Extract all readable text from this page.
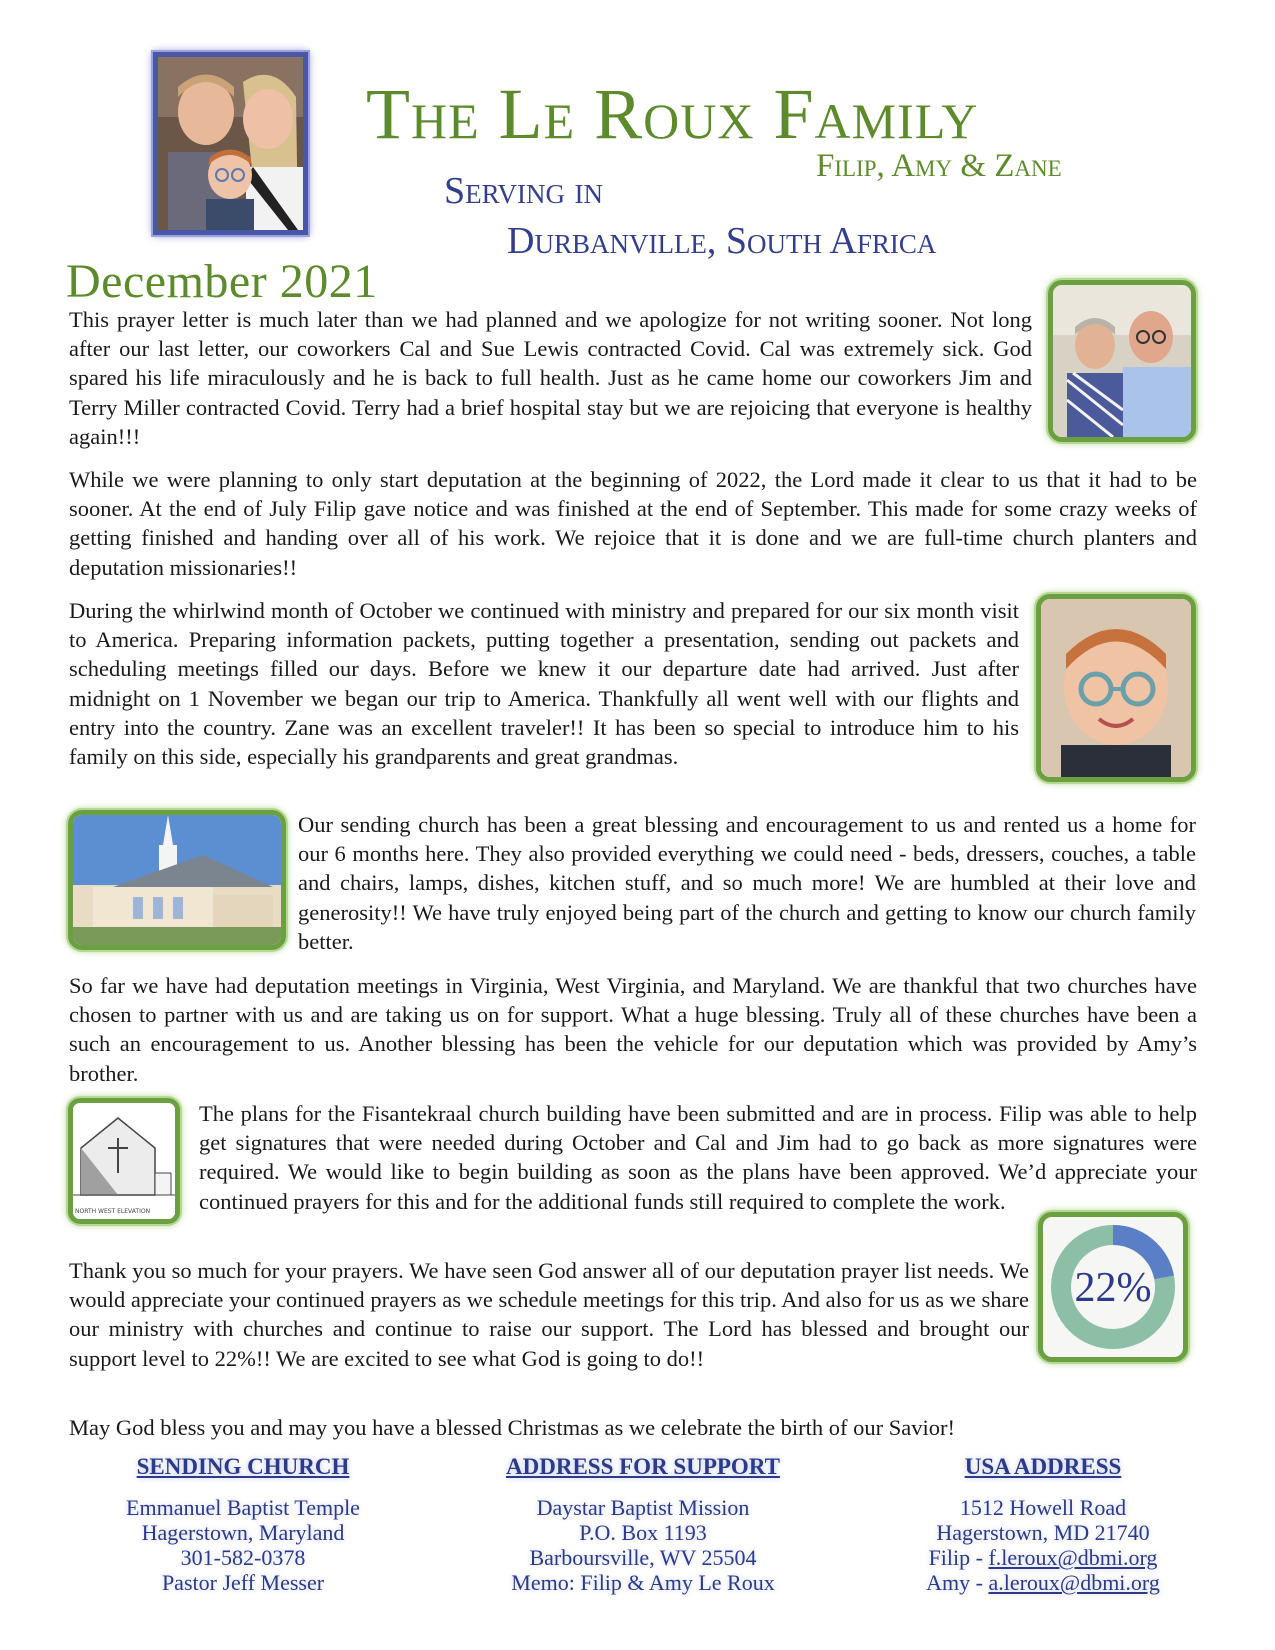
The Le Roux Family
Filip, Amy & Zane
Serving in
Durbanville, South Africa
December 2021
NORTH WEST ELEVATION
22%

This prayer letter is much later than we had planned and we apologize for not writing sooner. Not long after our last letter, our coworkers Cal and Sue Lewis contracted Covid. Cal was extremely sick. God spared his life miraculously and he is back to full health. Just as he came home our coworkers Jim and Terry Miller contracted Covid. Terry had a brief hospital stay but we are rejoicing that everyone is healthy again!!!

While we were planning to only start deputation at the beginning of 2022, the Lord made it clear to us that it had to be sooner. At the end of July Filip gave notice and was finished at the end of September. This made for some crazy weeks of getting finished and handing over all of his work. We rejoice that it is done and we are full-time church planters and deputation missionaries!!

During the whirlwind month of October we continued with ministry and prepared for our six month visit to America. Preparing information packets, putting together a presentation, sending out packets and scheduling meetings filled our days. Before we knew it our departure date had arrived. Just after midnight on 1 November we began our trip to America. Thankfully all went well with our flights and entry into the country. Zane was an excellent traveler!! It has been so special to introduce him to his family on this side, especially his grandparents and great grandmas.

Our sending church has been a great blessing and encouragement to us and rented us a home for our 6 months here. They also provided everything we could need - beds, dressers, couches, a table and chairs, lamps, dishes, kitchen stuff, and so much more! We are humbled at their love and generosity!! We have truly enjoyed being part of the church and getting to know our church family better.

So far we have had deputation meetings in Virginia, West Virginia, and Maryland. We are thankful that two churches have chosen to partner with us and are taking us on for support. What a huge blessing. Truly all of these churches have been a such an encouragement to us. Another blessing has been the vehicle for our deputation which was provided by Amy’s brother.

The plans for the Fisantekraal church building have been submitted and are in process. Filip was able to help get signatures that were needed during October and Cal and Jim had to go back as more signatures were required. We would like to begin building as soon as the plans have been approved. We’d appreciate your continued prayers for this and for the additional funds still required to complete the work.

Thank you so much for your prayers. We have seen God answer all of our deputation prayer list needs. We would appreciate your continued prayers as we schedule meetings for this trip. And also for us as we share our ministry with churches and continue to raise our support. The Lord has blessed and brought our support level to 22%!! We are excited to see what God is going to do!!

May God bless you and may you have a blessed Christmas as we celebrate the birth of our Savior!

SENDING CHURCH
Emmanuel Baptist Temple
Hagerstown, Maryland
301-582-0378
Pastor Jeff Messer
ADDRESS FOR SUPPORT
Daystar Baptist Mission
P.O. Box 1193
Barboursville, WV 25504
Memo: Filip & Amy Le Roux
USA ADDRESS
1512 Howell Road
Hagerstown, MD 21740
Filip - f.leroux@dbmi.org
Amy - a.leroux@dbmi.org
